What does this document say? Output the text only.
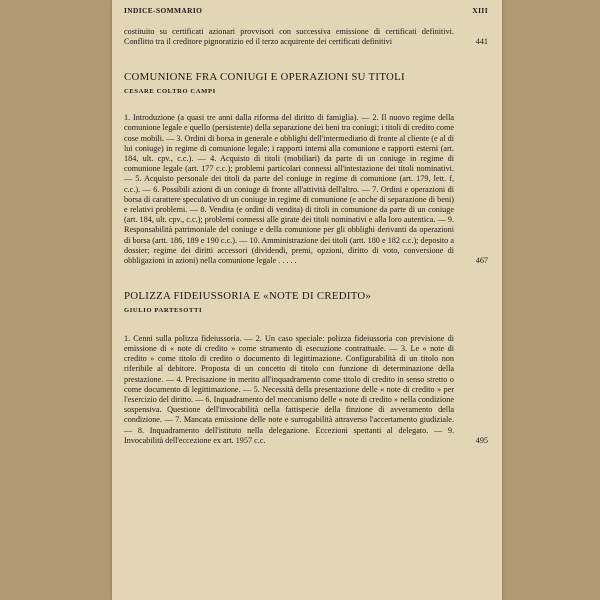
INDICE-SOMMARIO	XIII
costituito su certificati azionari provvisori con successiva emissione di certificati definitivi. Conflitto tra il creditore pignoratizio ed il terzo acquirente dei certificati definitivi	441
COMUNIONE FRA CONIUGI E OPERAZIONI SU TITOLI
CESARE COLTRO CAMPI
1. Introduzione (a quasi tre anni dalla riforma del diritto di famiglia). — 2. Il nuovo regime della comunione legale e quello (persistente) della separazione dei beni tra coniugi; i titoli di credito come cose mobili. — 3. Ordini di borsa in generale e obblighi dell'intermediario di fronte al cliente (e al di lui coniuge) in regime di comunione legale; i rapporti interni alla comunione e rapporti esterni (art. 184, ult. cpv., c.c.). — 4. Acquisto di titoli (mobiliari) da parte di un coniuge in regime di comunione legale (art. 177 c.c.); problemi particolari connessi all'intestazione dei titoli nominativi. — 5. Acquisto personale dei titoli da parte del coniuge in regime di comunione (art. 179, lett. f, c.c.). — 6. Possibili azioni di un coniuge di fronte all'attività dell'altro. — 7. Ordini e operazioni di borsa di carattere speculativo di un coniuge in regime di comunione (e anche di separazione di beni) e relativi problemi. — 8. Vendita (e ordini di vendita) di titoli in comunione da parte di un coniuge (art. 184, ult. cpv., c.c.); problemi connessi alle girate dei titoli nominativi e alla loro autentica. — 9. Responsabilità patrimoniale del coniuge e della comunione per gli obblighi derivanti da operazioni di borsa (artt. 186, 189 e 190 c.c.). — 10. Amministrazione dei titoli (artt. 180 e 182 c.c.); deposito a dossier; regime dei diritti accessori (dividendi, premi, opzioni, diritto di voto, conversione di obbligazioni in azioni) nella comunione legale . . . . .	467
POLIZZA FIDEIUSSORIA E «NOTE DI CREDITO»
GIULIO PARTESOTTI
1. Cenni sulla polizza fideiussoria. — 2. Un caso speciale: polizza fideiussoria con previsione di emissione di « note di credito » come strumento di esecuzione contrattuale. — 3. Le « note di credito » come titolo di credito o documento di legittimazione. Configurabilità di un titolo non riferibile al debitore. Proposta di un concetto di titolo con funzione di determinazione della prestazione. — 4. Precisazione in merito all'inquadramento come titolo di credito in senso stretto o come documento di legittimazione. — 5. Necessità della presentazione delle « note di credito » per l'esercizio del diritto. — 6. Inquadramento del meccanismo delle « note di credito » nella condizione sospensiva. Questione dell'invocabilità nella fattispecie della finzione di avveramento della condizione. — 7. Mancata emissione delle note e surrogabilità attraverso l'accertamento giudiziale. — 8. Inquadramento dell'istituto nella delegazione. Eccezioni spettanti al delegato. — 9. Invocabilità dell'eccezione ex art. 1957 c.c.	495
